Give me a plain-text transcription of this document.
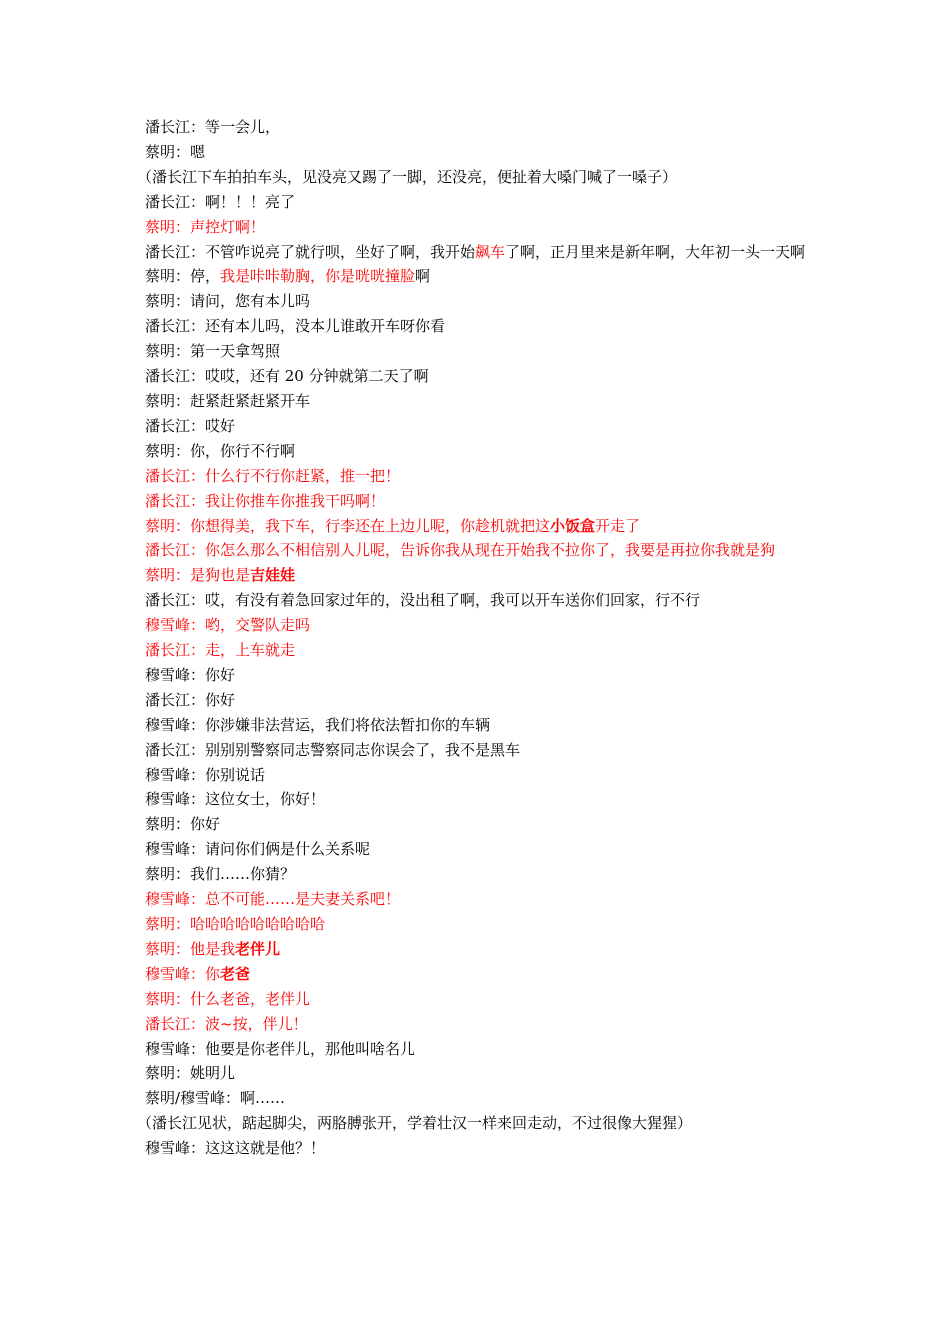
潘长江：等一会儿，

蔡明：嗯

（潘长江下车拍拍车头，见没亮又踢了一脚，还没亮，便扯着大嗓门喊了一嗓子）

潘长江：啊！！！亮了

蔡明：声控灯啊！

潘长江：不管咋说亮了就行呗，坐好了啊，我开始飙车了啊，正月里来是新年啊，大年初一头一天啊

蔡明：停，我是咔咔勒胸，你是咣咣撞脸啊

蔡明：请问，您有本儿吗

潘长江：还有本儿吗，没本儿谁敢开车呀你看

蔡明：第一天拿驾照

潘长江：哎哎，还有 20 分钟就第二天了啊

蔡明：赶紧赶紧赶紧开车

潘长江：哎好

蔡明：你，你行不行啊

潘长江：什么行不行你赶紧，推一把！

潘长江：我让你推车你推我干吗啊！

蔡明：你想得美，我下车，行李还在上边儿呢，你趁机就把这小饭盒开走了

潘长江：你怎么那么不相信别人儿呢，告诉你我从现在开始我不拉你了，我要是再拉你我就是狗

蔡明：是狗也是吉娃娃

潘长江：哎，有没有着急回家过年的，没出租了啊，我可以开车送你们回家，行不行

穆雪峰：哟，交警队走吗

潘长江：走，上车就走

穆雪峰：你好

潘长江：你好

穆雪峰：你涉嫌非法营运，我们将依法暂扣你的车辆

潘长江：别别别警察同志警察同志你误会了，我不是黑车

穆雪峰：你别说话

穆雪峰：这位女士，你好！

蔡明：你好

穆雪峰：请问你们俩是什么关系呢

蔡明：我们……你猜？

穆雪峰：总不可能……是夫妻关系吧！

蔡明：哈哈哈哈哈哈哈哈哈

蔡明：他是我老伴儿

穆雪峰：你老爸

蔡明：什么老爸，老伴儿

潘长江：波~按，伴儿！

穆雪峰：他要是你老伴儿，那他叫啥名儿

蔡明：姚明儿

蔡明/穆雪峰：啊……

（潘长江见状，踮起脚尖，两胳膊张开，学着壮汉一样来回走动，不过很像大猩猩）

穆雪峰：这这这就是他？！
